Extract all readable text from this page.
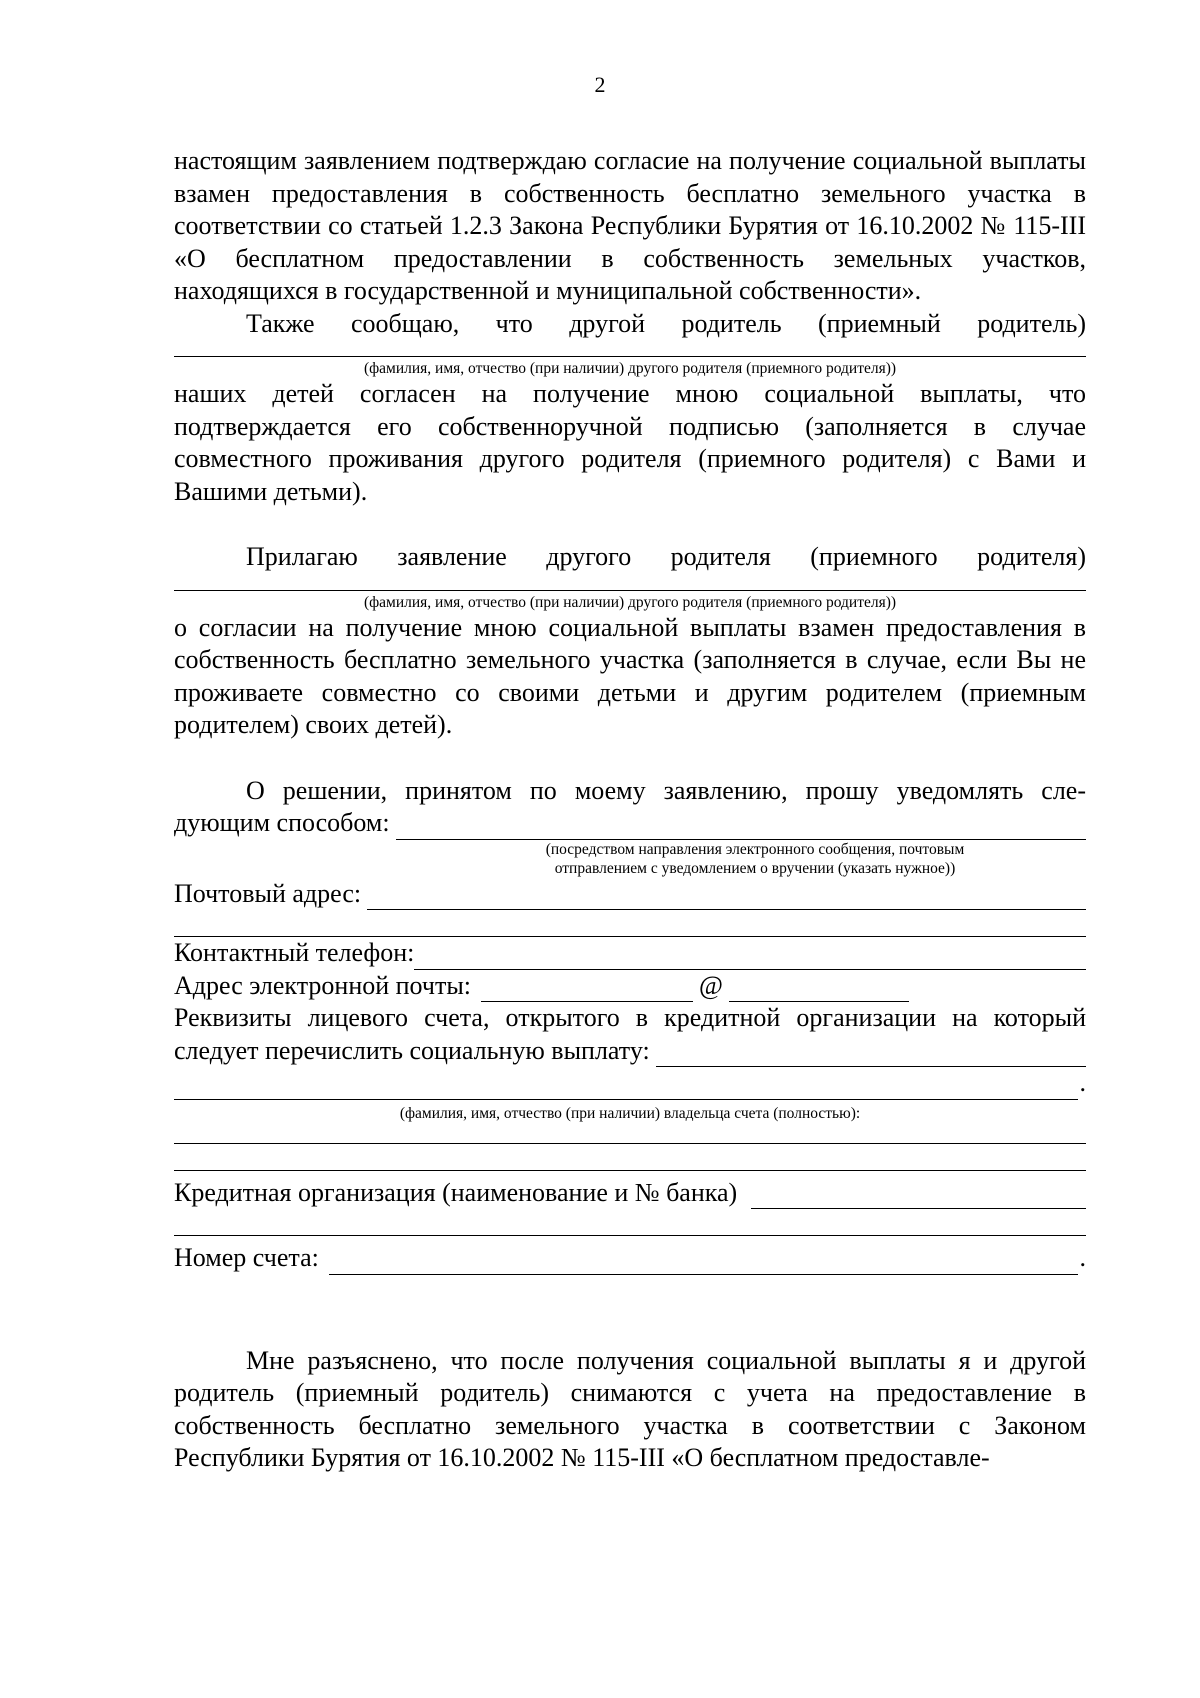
2

настоящим заявлением подтверждаю согласие на получение социальной выплаты взамен предоставления в собственность бесплатно земельного участка в соответствии со статьей 1.2.3 Закона Республики Бурятия от 16.10.2002 № 115-III «О бесплатном предоставлении в собственность земельных участков, находящихся в государственной и муниципальной собственности».

Также сообщаю, что другой родитель (приемный родитель)

(фамилия, имя, отчество (при наличии) другого родителя (приемного родителя))

наших детей согласен на получение мною социальной выплаты, что подтверждается его собственноручной подписью (заполняется в случае совместного проживания другого родителя (приемного родителя) с Вами и Вашими детьми).

Прилагаю заявление другого родителя (приемного родителя)

(фамилия, имя, отчество (при наличии) другого родителя (приемного родителя))

о согласии на получение мною социальной выплаты взамен предоставления в собственность бесплатно земельного участка (заполняется в случае, если Вы не проживаете совместно со своими детьми и другим родителем (приемным родителем) своих детей).

О решении, принятом по моему заявлению, прошу уведомлять сле-

дующим способом:
(посредством направления электронного сообщения, почтовым
отправлением с уведомлением о вручении (указать нужное))
Почтовый адрес:
Контактный телефон:
Адрес электронной почты:	@

Реквизиты лицевого счета, открытого в кредитной организации на который

следует перечислить социальную выплату:
.
(фамилия, имя, отчество (при наличии) владельца счета (полностью):
Кредитная организация (наименование и № банка)
Номер счета:	.

Мне разъяснено, что после получения социальной выплаты я и другой родитель (приемный родитель) снимаются с учета на предоставление в собственность бесплатно земельного участка в соответствии с Законом Республики Бурятия от 16.10.2002 № 115-III «О бесплатном предоставле-
